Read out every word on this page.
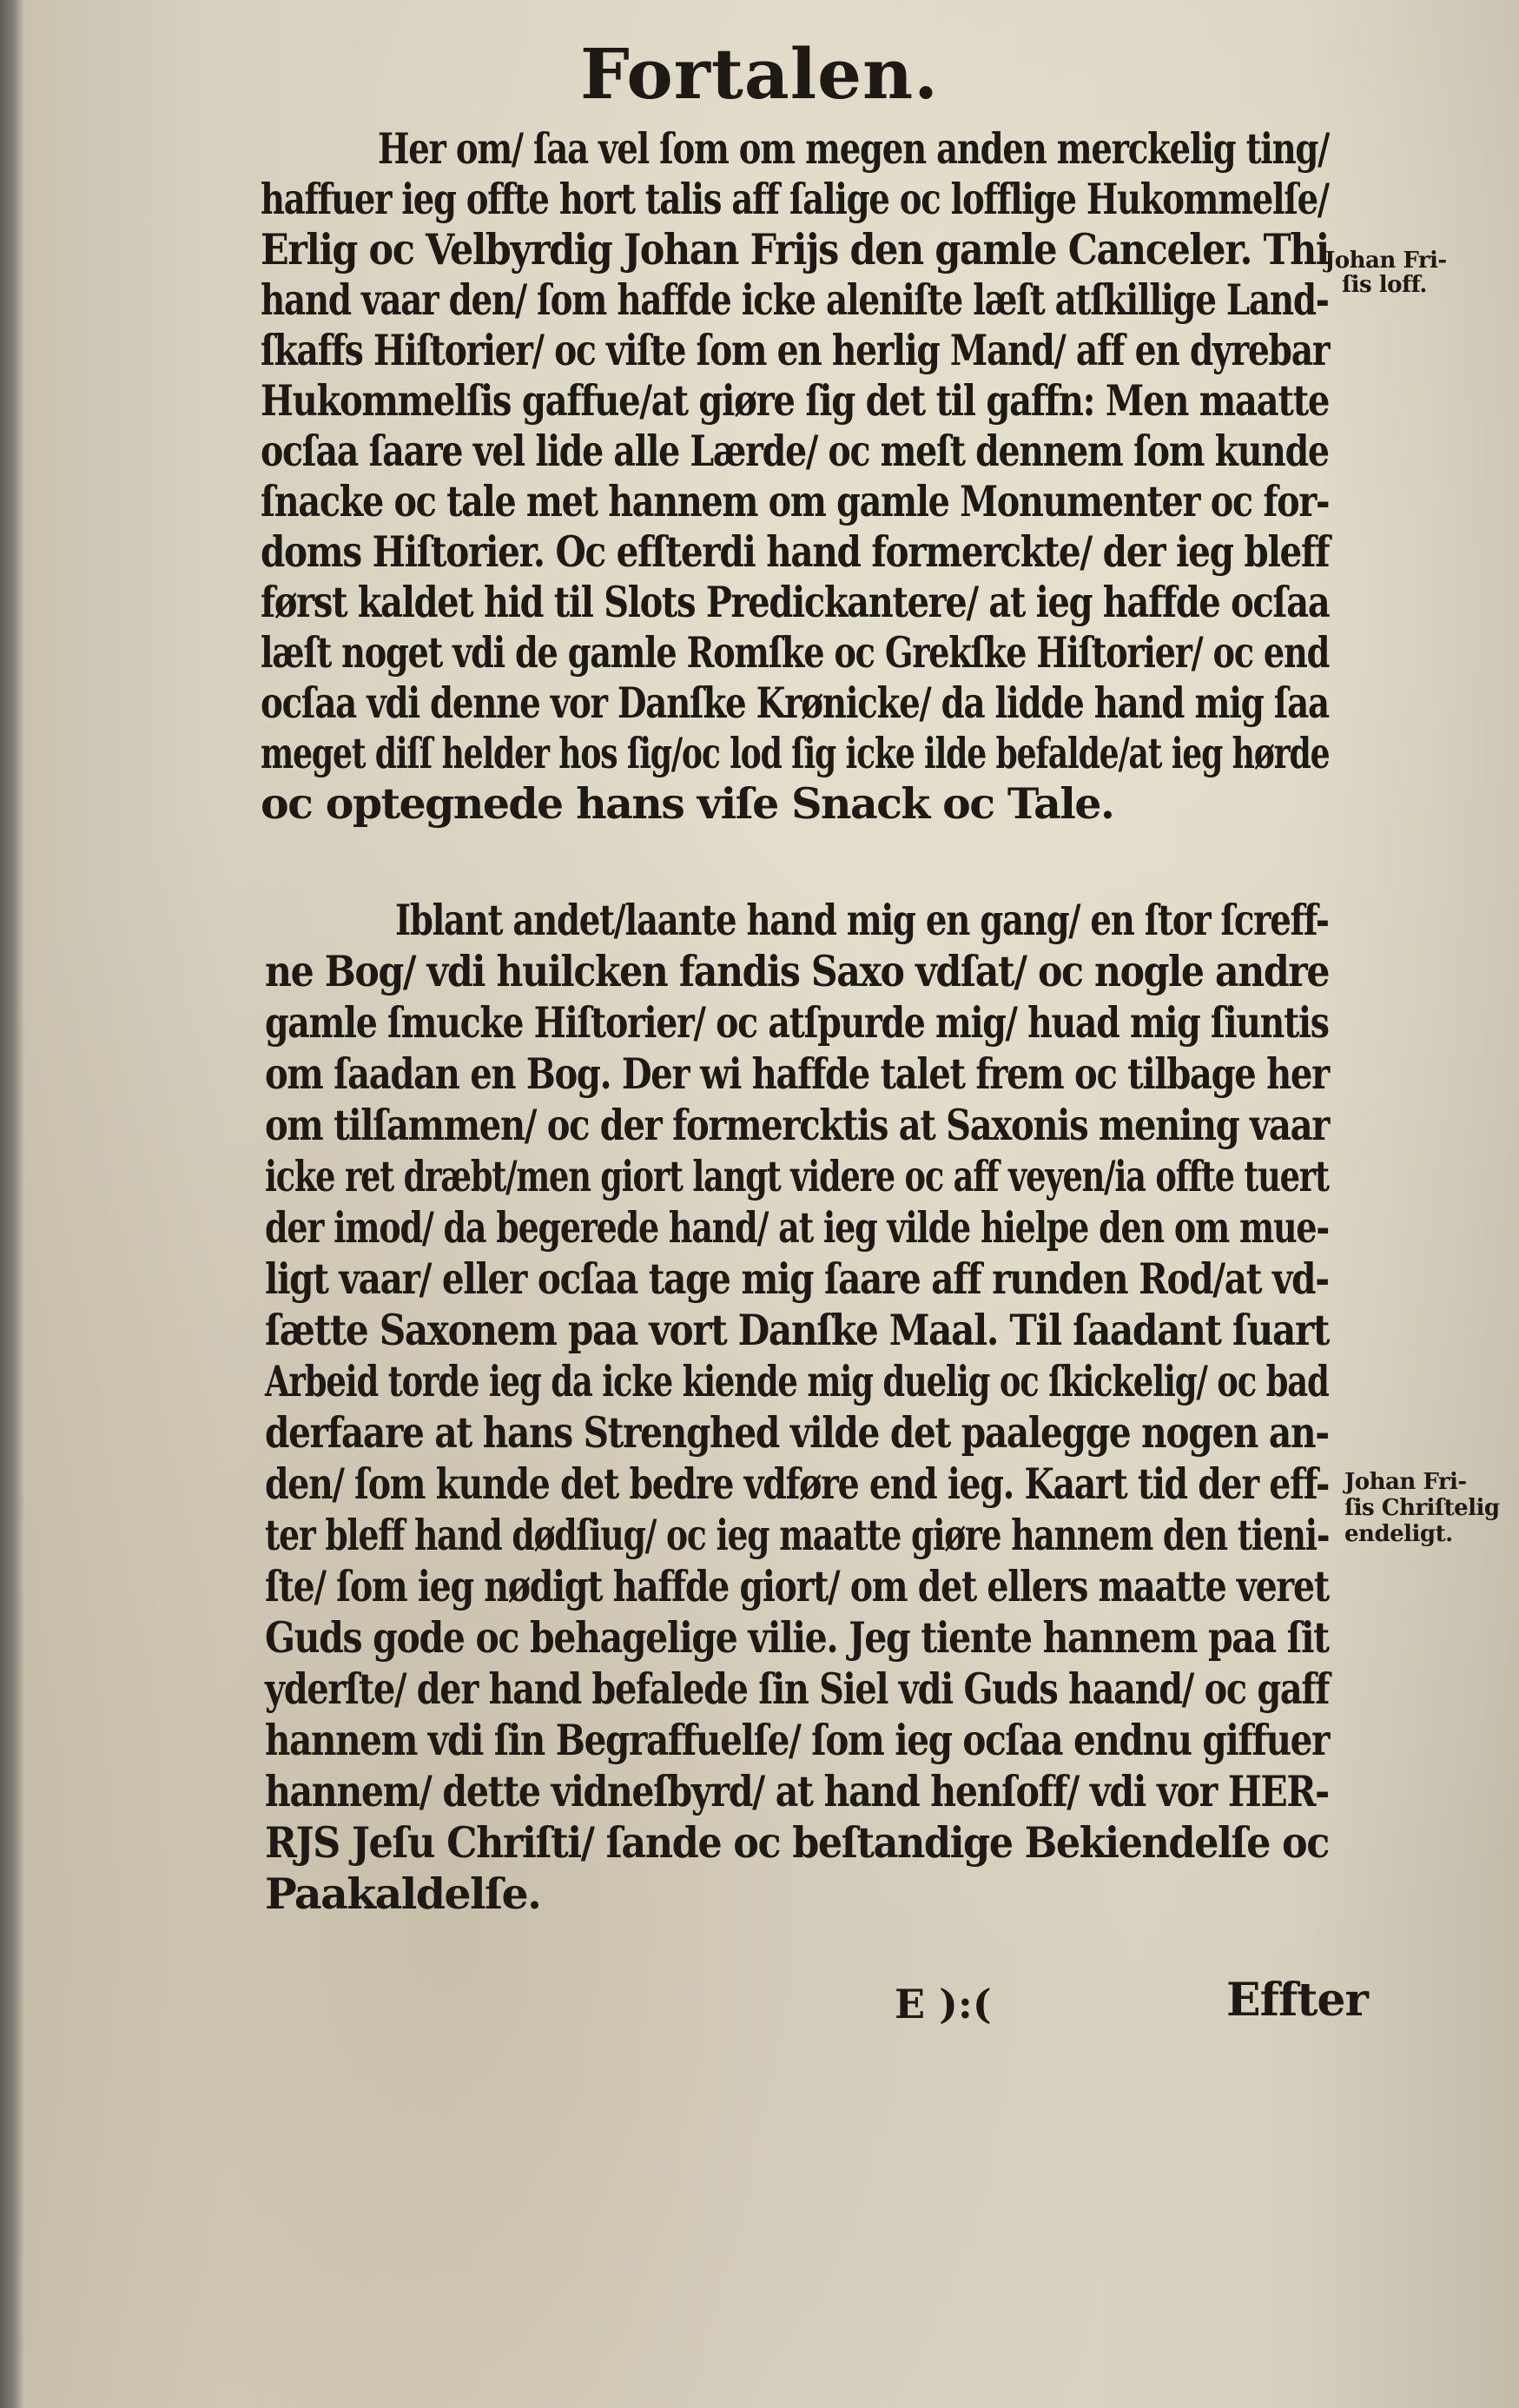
Fortalen.
Her om/ ſaa vel ſom om megen anden merckelig ting/
haffuer ieg offte hort talis aff ſalige oc lofflige Hukommelſe/
Erlig oc Velbyrdig Johan Frijs den gamle Canceler. Thi
hand vaar den/ ſom haffde icke aleniſte læſt atſkillige Land-
ſkaffs Hiſtorier/ oc viſte ſom en herlig Mand/ aff en dyrebar
Hukommelſis gaffue/at giøre ſig det til gaffn: Men maatte
ocſaa ſaare vel lide alle Lærde/ oc meſt dennem ſom kunde
ſnacke oc tale met hannem om gamle Monumenter oc for-
doms Hiſtorier. Oc efſterdi hand formerckte/ der ieg bleff
først kaldet hid til Slots Predickantere/ at ieg haffde ocſaa
læſt noget vdi de gamle Romſke oc Grekſke Hiſtorier/ oc end
ocſaa vdi denne vor Danſke Krønicke/ da lidde hand mig ſaa
meget diſſ helder hos ſig/oc lod ſig icke ilde befalde/at ieg hørde
oc optegnede hans viſe Snack oc Tale.
Iblant andet/laante hand mig en gang/ en ſtor ſcreff-
ne Bog/ vdi huilcken fandis Saxo vdſat/ oc nogle andre
gamle ſmucke Hiſtorier/ oc atſpurde mig/ huad mig ſiuntis
om ſaadan en Bog. Der wi haffde talet frem oc tilbage her
om tilſammen/ oc der formercktis at Saxonis mening vaar
icke ret dræbt/men giort langt videre oc aff veyen/ia offte tuert
der imod/ da begerede hand/ at ieg vilde hielpe den om mue-
ligt vaar/ eller ocſaa tage mig ſaare aff runden Rod/at vd-
ſætte Saxonem paa vort Danſke Maal. Til ſaadant ſuart
Arbeid torde ieg da icke kiende mig duelig oc ſkickelig/ oc bad
derfaare at hans Strenghed vilde det paalegge nogen an-
den/ ſom kunde det bedre vdføre end ieg. Kaart tid der eff-
ter bleff hand dødſiug/ oc ieg maatte giøre hannem den tieni-
ſte/ ſom ieg nødigt haffde giort/ om det ellers maatte veret
Guds gode oc behagelige vilie. Jeg tiente hannem paa ſit
yderſte/ der hand befalede ſin Siel vdi Guds haand/ oc gaff
hannem vdi ſin Begraffuelſe/ ſom ieg ocſaa endnu giffuer
hannem/ dette vidneſbyrd/ at hand henſoff/ vdi vor HER-
RJS Jeſu Chriſti/ ſande oc beſtandige Bekiendelſe oc
Paakaldelſe.
Johan Fri-
ſis loff.
Johan Fri-
ſis Chriſtelig
endeligt.
E ):(	Effter
